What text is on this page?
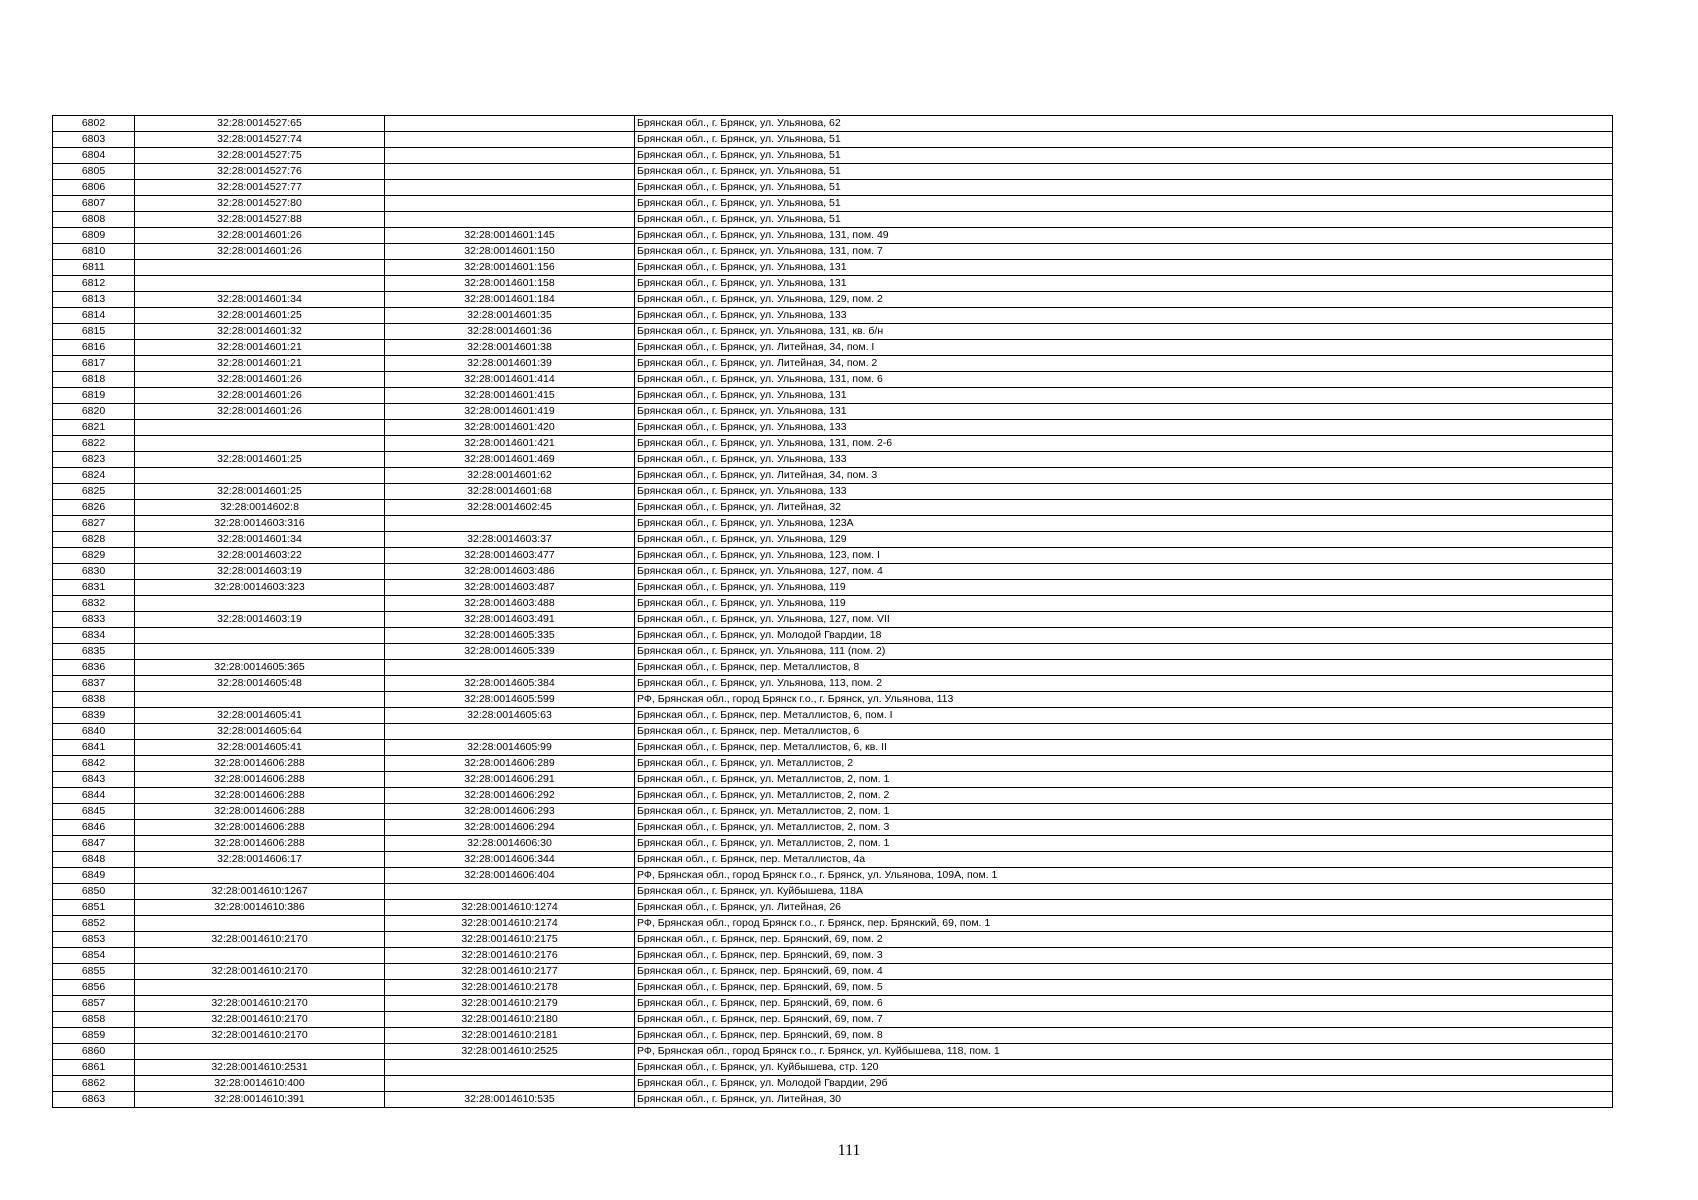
6802	32:28:0014527:65		Брянская обл., г. Брянск, ул. Ульянова, 62
6803	32:28:0014527:74		Брянская обл., г. Брянск, ул. Ульянова, 51
6804	32:28:0014527:75		Брянская обл., г. Брянск, ул. Ульянова, 51
6805	32:28:0014527:76		Брянская обл., г. Брянск, ул. Ульянова, 51
6806	32:28:0014527:77		Брянская обл., г. Брянск, ул. Ульянова, 51
6807	32:28:0014527:80		Брянская обл., г. Брянск, ул. Ульянова, 51
6808	32:28:0014527:88		Брянская обл., г. Брянск, ул. Ульянова, 51
6809	32:28:0014601:26	32:28:0014601:145	Брянская обл., г. Брянск, ул. Ульянова, 131, пом. 49
6810	32:28:0014601:26	32:28:0014601:150	Брянская обл., г. Брянск, ул. Ульянова, 131, пом. 7
6811		32:28:0014601:156	Брянская обл., г. Брянск, ул. Ульянова, 131
6812		32:28:0014601:158	Брянская обл., г. Брянск, ул. Ульянова, 131
6813	32:28:0014601:34	32:28:0014601:184	Брянская обл., г. Брянск, ул. Ульянова, 129, пом. 2
6814	32:28:0014601:25	32:28:0014601:35	Брянская обл., г. Брянск, ул. Ульянова, 133
6815	32:28:0014601:32	32:28:0014601:36	Брянская обл., г. Брянск, ул. Ульянова, 131, кв. б/н
6816	32:28:0014601:21	32:28:0014601:38	Брянская обл., г. Брянск, ул. Литейная, 34, пом. I
6817	32:28:0014601:21	32:28:0014601:39	Брянская обл., г. Брянск, ул. Литейная, 34, пом. 2
6818	32:28:0014601:26	32:28:0014601:414	Брянская обл., г. Брянск, ул. Ульянова, 131, пом. 6
6819	32:28:0014601:26	32:28:0014601:415	Брянская обл., г. Брянск, ул. Ульянова, 131
6820	32:28:0014601:26	32:28:0014601:419	Брянская обл., г. Брянск, ул. Ульянова, 131
6821		32:28:0014601:420	Брянская обл., г. Брянск, ул. Ульянова, 133
6822		32:28:0014601:421	Брянская обл., г. Брянск, ул. Ульянова, 131, пом. 2-6
6823	32:28:0014601:25	32:28:0014601:469	Брянская обл., г. Брянск, ул. Ульянова, 133
6824		32:28:0014601:62	Брянская обл., г. Брянск, ул. Литейная, 34, пом. 3
6825	32:28:0014601:25	32:28:0014601:68	Брянская обл., г. Брянск, ул. Ульянова, 133
6826	32:28:0014602:8	32:28:0014602:45	Брянская обл., г. Брянск, ул. Литейная, 32
6827	32:28:0014603:316		Брянская обл., г. Брянск, ул. Ульянова, 123А
6828	32:28:0014601:34	32:28:0014603:37	Брянская обл., г. Брянск, ул. Ульянова, 129
6829	32:28:0014603:22	32:28:0014603:477	Брянская обл., г. Брянск, ул. Ульянова, 123, пом. I
6830	32:28:0014603:19	32:28:0014603:486	Брянская обл., г. Брянск, ул. Ульянова, 127, пом. 4
6831	32:28:0014603:323	32:28:0014603:487	Брянская обл., г. Брянск, ул. Ульянова, 119
6832		32:28:0014603:488	Брянская обл., г. Брянск, ул. Ульянова, 119
6833	32:28:0014603:19	32:28:0014603:491	Брянская обл., г. Брянск, ул. Ульянова, 127, пом. VII
6834		32:28:0014605:335	Брянская обл., г. Брянск, ул. Молодой Гвардии, 18
6835		32:28:0014605:339	Брянская обл., г. Брянск, ул. Ульянова, 111 (пом. 2)
6836	32:28:0014605:365		Брянская обл., г. Брянск, пер. Металлистов, 8
6837	32:28:0014605:48	32:28:0014605:384	Брянская обл., г. Брянск, ул. Ульянова, 113, пом. 2
6838		32:28:0014605:599	РФ, Брянская обл., город Брянск г.о., г. Брянск, ул. Ульянова, 113
6839	32:28:0014605:41	32:28:0014605:63	Брянская обл., г. Брянск, пер. Металлистов, 6, пом. I
6840	32:28:0014605:64		Брянская обл., г. Брянск, пер. Металлистов, 6
6841	32:28:0014605:41	32:28:0014605:99	Брянская обл., г. Брянск, пер. Металлистов, 6, кв. II
6842	32:28:0014606:288	32:28:0014606:289	Брянская обл., г. Брянск, ул. Металлистов, 2
6843	32:28:0014606:288	32:28:0014606:291	Брянская обл., г. Брянск, ул. Металлистов, 2, пом. 1
6844	32:28:0014606:288	32:28:0014606:292	Брянская обл., г. Брянск, ул. Металлистов, 2, пом. 2
6845	32:28:0014606:288	32:28:0014606:293	Брянская обл., г. Брянск, ул. Металлистов, 2, пом. 1
6846	32:28:0014606:288	32:28:0014606:294	Брянская обл., г. Брянск, ул. Металлистов, 2, пом. 3
6847	32:28:0014606:288	32:28:0014606:30	Брянская обл., г. Брянск, ул. Металлистов, 2, пом. 1
6848	32:28:0014606:17	32:28:0014606:344	Брянская обл., г. Брянск, пер. Металлистов, 4а
6849		32:28:0014606:404	РФ, Брянская обл., город Брянск г.о., г. Брянск, ул. Ульянова, 109А, пом. 1
6850	32:28:0014610:1267		Брянская обл., г. Брянск, ул. Куйбышева, 118А
6851	32:28:0014610:386	32:28:0014610:1274	Брянская обл., г. Брянск, ул. Литейная, 26
6852		32:28:0014610:2174	РФ, Брянская обл., город Брянск г.о., г. Брянск, пер. Брянский, 69, пом. 1
6853	32:28:0014610:2170	32:28:0014610:2175	Брянская обл., г. Брянск, пер. Брянский, 69, пом. 2
6854		32:28:0014610:2176	Брянская обл., г. Брянск, пер. Брянский, 69, пом. 3
6855	32:28:0014610:2170	32:28:0014610:2177	Брянская обл., г. Брянск, пер. Брянский, 69, пом. 4
6856		32:28:0014610:2178	Брянская обл., г. Брянск, пер. Брянский, 69, пом. 5
6857	32:28:0014610:2170	32:28:0014610:2179	Брянская обл., г. Брянск, пер. Брянский, 69, пом. 6
6858	32:28:0014610:2170	32:28:0014610:2180	Брянская обл., г. Брянск, пер. Брянский, 69, пом. 7
6859	32:28:0014610:2170	32:28:0014610:2181	Брянская обл., г. Брянск, пер. Брянский, 69, пом. 8
6860		32:28:0014610:2525	РФ, Брянская обл., город Брянск г.о., г. Брянск, ул. Куйбышева, 118, пом. 1
6861	32:28:0014610:2531		Брянская обл., г. Брянск, ул. Куйбышева, стр. 120
6862	32:28:0014610:400		Брянская обл., г. Брянск, ул. Молодой Гвардии, 29б
6863	32:28:0014610:391	32:28:0014610:535	Брянская обл., г. Брянск, ул. Литейная, 30
111
